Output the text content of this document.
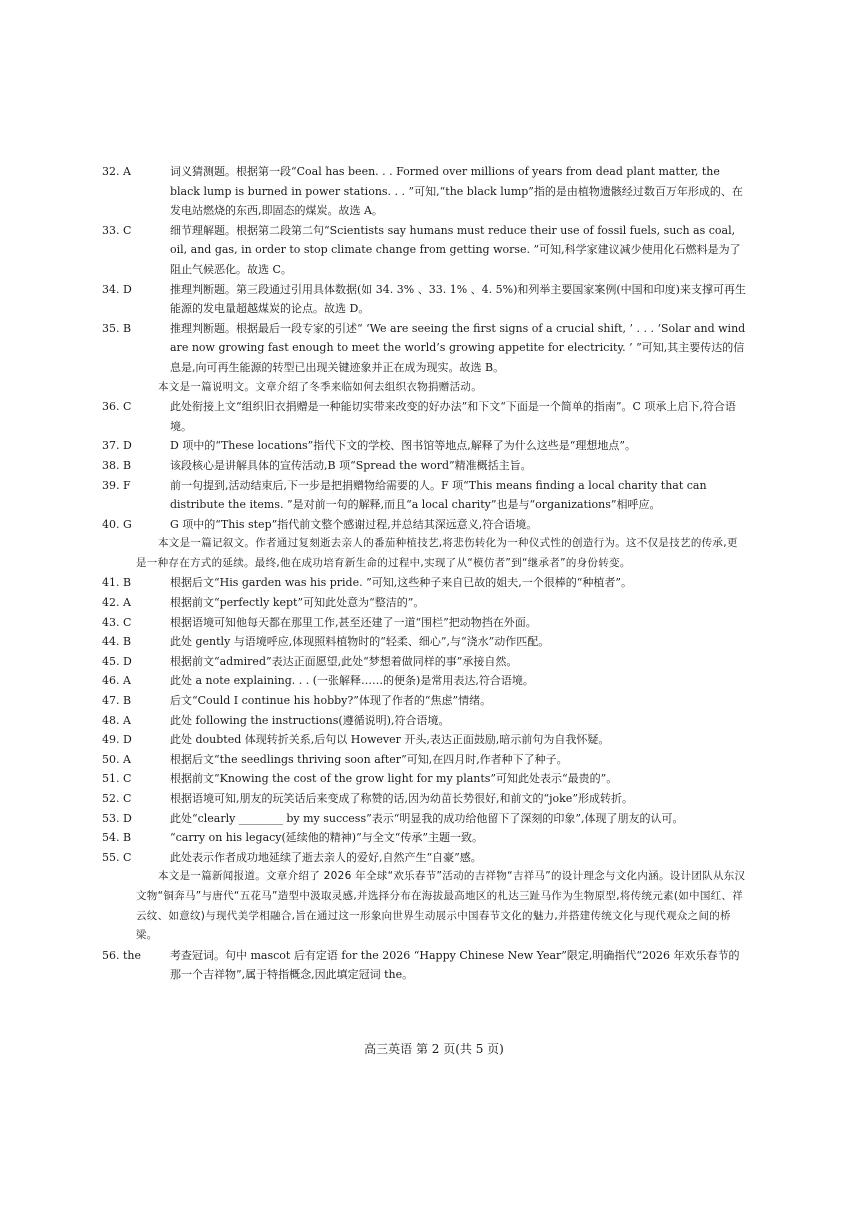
32. A	词义猜测题。根据第一段“Coal has been. . . Formed over millions of years from dead plant matter, the black lump is burned in power stations. . . ”可知,“the black lump”指的是由植物遗骸经过数百万年形成的、在发电站燃烧的东西,即固态的煤炭。故选 A。

33. C	细节理解题。根据第二段第二句“Scientists say humans must reduce their use of fossil fuels, such as coal, oil, and gas, in order to stop climate change from getting worse. ”可知,科学家建议减少使用化石燃料是为了阻止气候恶化。故选 C。

34. D	推理判断题。第三段通过引用具体数据(如 34. 3% 、33. 1% 、4. 5%)和列举主要国家案例(中国和印度)来支撑可再生能源的发电量超越煤炭的论点。故选 D。

35. B	推理判断题。根据最后一段专家的引述“ ‘We are seeing the first signs of a crucial shift, ’ . . . ‘Solar and wind are now growing fast enough to meet the world’s growing appetite for electricity. ’ ”可知,其主要传达的信息是,向可再生能源的转型已出现关键迹象并正在成为现实。故选 B。

本文是一篇说明文。文章介绍了冬季来临如何去组织衣物捐赠活动。

36. C	此处衔接上文“组织旧衣捐赠是一种能切实带来改变的好办法”和下文“下面是一个简单的指南”。C 项承上启下,符合语境。

37. D	D 项中的“These locations”指代下文的学校、图书馆等地点,解释了为什么这些是“理想地点”。

38. B	该段核心是讲解具体的宣传活动,B 项“Spread the word”精准概括主旨。

39. F	前一句提到,活动结束后,下一步是把捐赠物给需要的人。F 项“This means finding a local charity that can distribute the items. ”是对前一句的解释,而且“a local charity”也是与“organizations”相呼应。

40. G	G 项中的“This step”指代前文整个感谢过程,并总结其深远意义,符合语境。

本文是一篇记叙文。作者通过复刻逝去亲人的番茄种植技艺,将悲伤转化为一种仪式性的创造行为。这不仅是技艺的传承,更是一种存在方式的延续。最终,他在成功培育新生命的过程中,实现了从“模仿者”到“继承者”的身份转变。

41. B	根据后文“His garden was his pride. ”可知,这些种子来自已故的姐夫,一个很棒的“种植者”。

42. A	根据前文“perfectly kept”可知此处意为“整洁的”。

43. C	根据语境可知他每天都在那里工作,甚至还建了一道“围栏”把动物挡在外面。

44. B	此处 gently 与语境呼应,体现照料植物时的“轻柔、细心”,与“浇水”动作匹配。

45. D	根据前文“admired”表达正面愿望,此处“梦想着做同样的事”承接自然。

46. A	此处 a note explaining. . . (一张解释……的便条)是常用表达,符合语境。

47. B	后文“Could I continue his hobby?”体现了作者的“焦虑”情绪。

48. A	此处 following the instructions(遵循说明),符合语境。

49. D	此处 doubted 体现转折关系,后句以 However 开头,表达正面鼓励,暗示前句为自我怀疑。

50. A	根据后文“the seedlings thriving soon after”可知,在四月时,作者种下了种子。

51. C	根据前文“Knowing the cost of the grow light for my plants”可知此处表示“最贵的”。

52. C	根据语境可知,朋友的玩笑话后来变成了称赞的话,因为幼苗长势很好,和前文的“joke”形成转折。

53. D	此处“clearly ________ by my success”表示“明显我的成功给他留下了深刻的印象”,体现了朋友的认可。

54. B	“carry on his legacy(延续他的精神)”与全文“传承”主题一致。

55. C	此处表示作者成功地延续了逝去亲人的爱好,自然产生“自豪”感。

本文是一篇新闻报道。文章介绍了 2026 年全球“欢乐春节”活动的吉祥物“吉祥马”的设计理念与文化内涵。设计团队从东汉文物“铜奔马”与唐代“五花马”造型中汲取灵感,并选择分布在海拔最高地区的札达三趾马作为生物原型,将传统元素(如中国红、祥云纹、如意纹)与现代美学相融合,旨在通过这一形象向世界生动展示中国春节文化的魅力,并搭建传统文化与现代观众之间的桥梁。

56. the	考查冠词。句中 mascot 后有定语 for the 2026 “Happy Chinese New Year”限定,明确指代“2026 年欢乐春节的那一个吉祥物”,属于特指概念,因此填定冠词 the。

高三英语 第 2 页(共 5 页)
